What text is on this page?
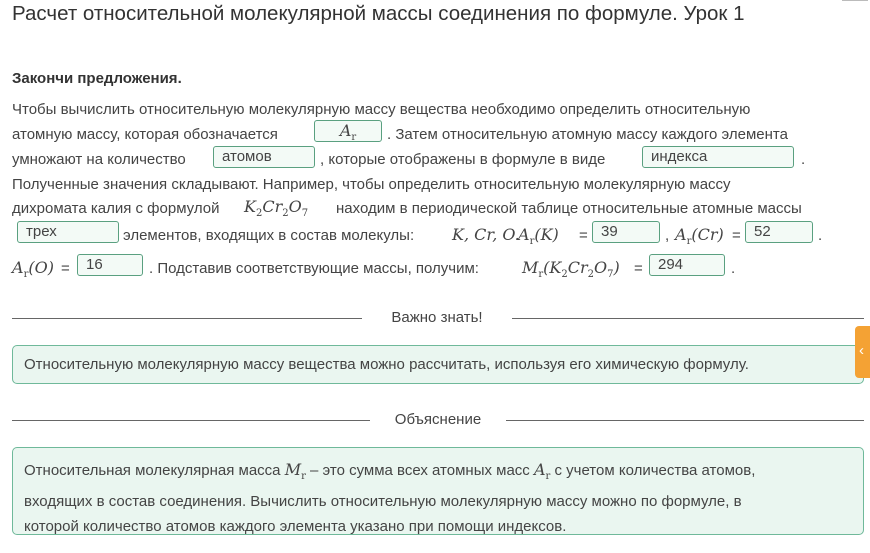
Расчет относительной молекулярной массы соединения по формуле. Урок 1
Закончи предложения.
Чтобы вычислить относительную молекулярную массу вещества необходимо определить относительную
атомную массу, которая обозначается	$A_r$	. Затем относительную атомную массу каждого элемента
умножают на количество	атомов	, которые отображены в формуле в виде	индекса	.
Полученные значения складывают. Например, чтобы определить относительную молекулярную массу
дихромата калия с формулой $K_2Cr_2O_7$ находим в периодической таблице относительные атомные массы
трех	элементов, входящих в состав молекулы: K, Cr, O.
$A_r(K) = 39$	, $A_r(Cr) = 52$	.
$A_r(O)$ =	16	. Подставив соответствующие массы, получим:	$M_r(K_2Cr_2O_7)$ =	294	.
Важно знать!
Относительную молекулярную массу вещества можно рассчитать, используя его химическую формулу.
‹
Объяснение
Относительная молекулярная масса $M_r$ – это сумма всех атомных масс $A_r$ с учетом количества атомов,
входящих в состав соединения. Вычислить относительную молекулярную массу можно по формуле, в
которой количество атомов каждого элемента указано при помощи индексов.
